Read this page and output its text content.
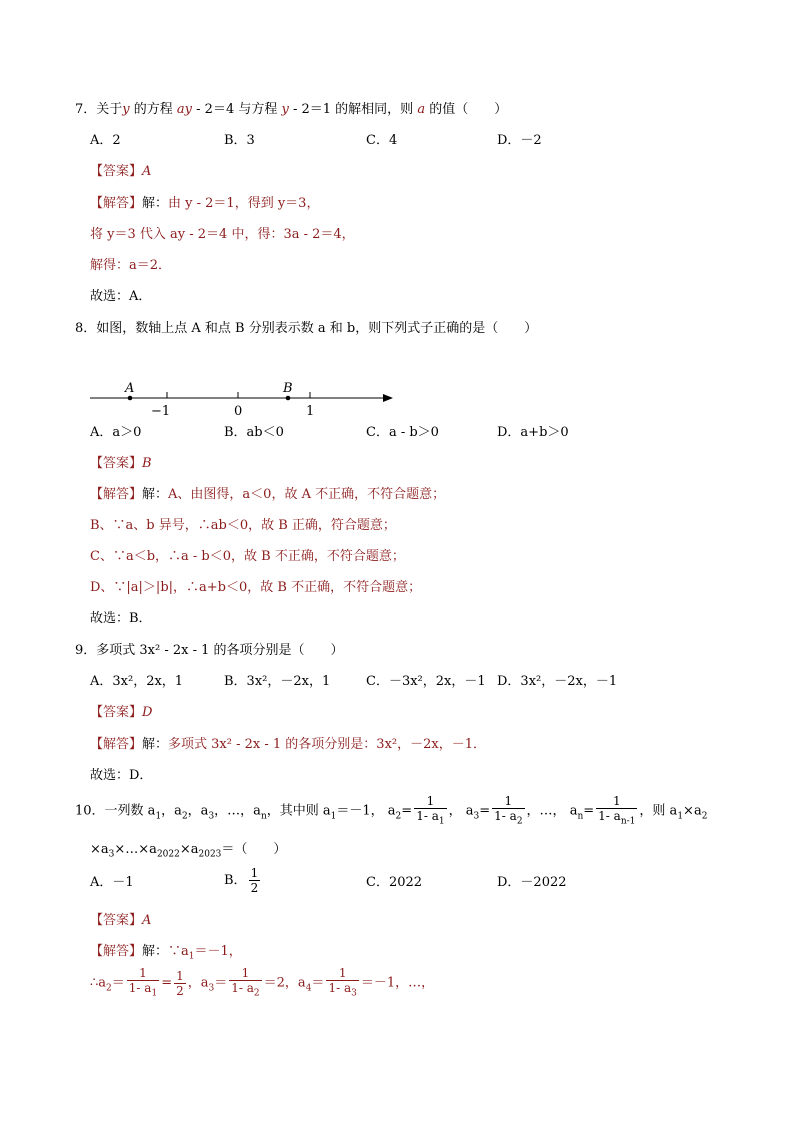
7．关于y 的方程 ay - 2＝4 与方程 y - 2＝1 的解相同，则 a 的值（　　）
A．2	B．3	C．4	D．－2
【答案】A
【解答】解：由 y - 2＝1，得到 y＝3，
将 y＝3 代入 ay - 2＝4 中，得：3a - 2＝4，
解得：a＝2．
故选：A．
8．如图，数轴上点 A 和点 B 分别表示数 a 和 b，则下列式子正确的是（　　）
A	B
−1	0	1
A．a＞0	B．ab＜0	C．a - b＞0	D．a+b＞0
【答案】B
【解答】解：A、由图得，a＜0，故 A 不正确，不符合题意；
B、∵a、b 异号，∴ab＜0，故 B 正确，符合题意；
C、∵a＜b，∴a - b＜0，故 B 不正确，不符合题意；
D、∵|a|＞|b|，∴a+b＜0，故 B 不正确，不符合题意；
故选：B．
9．多项式 3x² - 2x - 1 的各项分别是（　　）
A．3x²，2x，1	B．3x²，－2x，1	C．－3x²，2x，－1 D．3x²，－2x，－1
【答案】D
【解答】解：多项式 3x² - 2x - 1 的各项分别是：3x²，－2x，－1．
故选：D．
10．一列数 $a_1$，$a_2$，$a_3$，…，$a_n$，其中则 $a_1=-1$， $a_2= \frac{1}{1- a_1}$ ， $a_3= \frac{1}{1- a_2}$ ，…， $a_n= \frac{1}{1- a_{n-1}}$ ，则 $a_1\times a_2$
$\times a_3\times\dots\times a_{2022}\times a_{2023}=$（　　）
A．－1	B． $\frac{1}{2}$	C．2022	D．－2022
【答案】A
【解答】解：$\because a_1=-1$，
$\therefore a_2= \frac{1}{1- a_1} = \frac{1}{2}$ ，$a_3= \frac{1}{1- a_2} =2$，$a_4= \frac{1}{1- a_3} =-1$，…，
